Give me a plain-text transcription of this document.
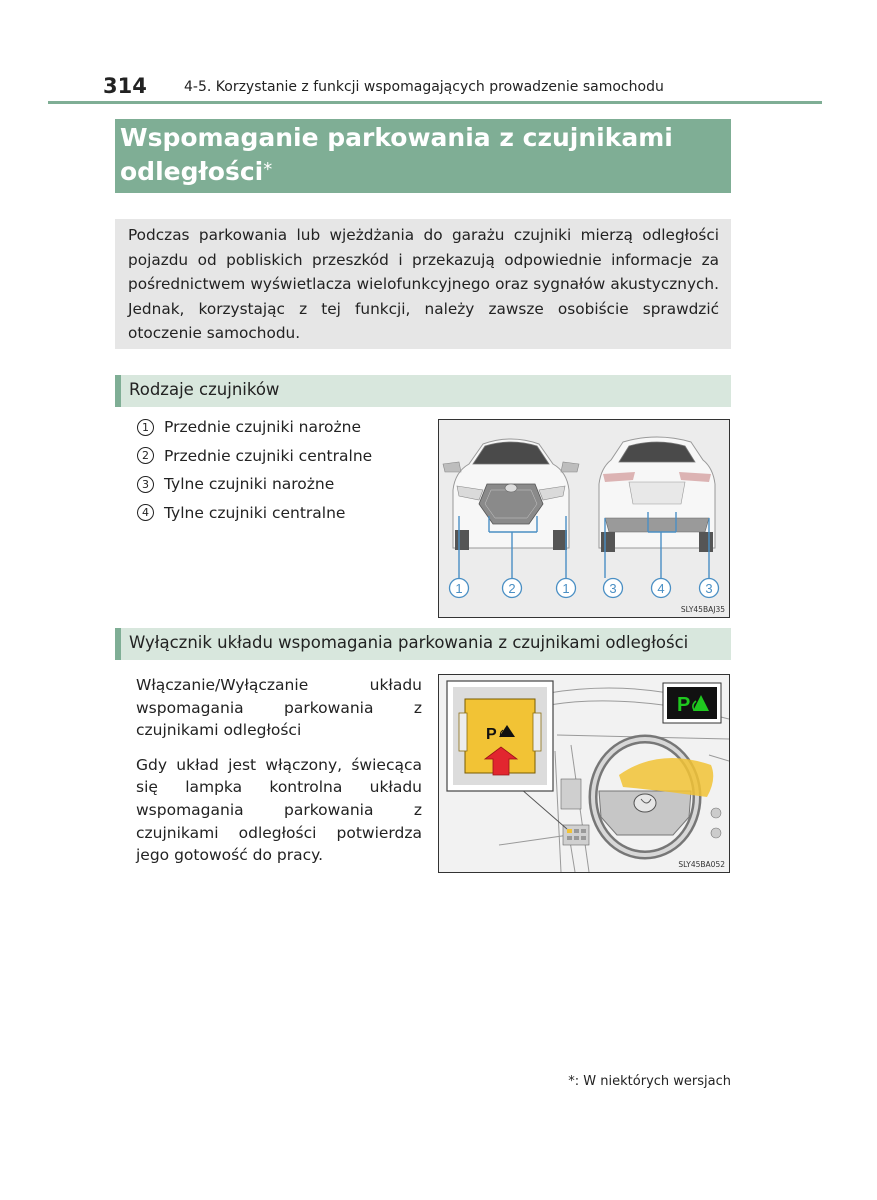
314	4-5. Korzystanie z funkcji wspomagających prowadzenie samochodu
Wspomaganie parkowania z czujnikami
odległości*

Podczas parkowania lub wjeżdżania do garażu czujniki mierzą odległości pojazdu od pobliskich przeszkód i przekazują odpowiednie informacje za pośrednictwem wyświetlacza wielofunkcyjnego oraz sygnałów akustycznych. Jednak, korzystając z tej funkcji, należy zawsze osobiście sprawdzić otoczenie samochodu.

Rodzaje czujników
1 Przednie czujniki narożne
2 Przednie czujniki centralne
3 Tylne czujniki narożne
4 Tylne czujniki centralne
1	2	1	3	4	3
SLY45BAJ35
Wyłącznik układu wspomagania parkowania z czujnikami odległości

Włączanie/Wyłączanie układu wspomagania parkowania z czujnikami odległości

Gdy układ jest włączony, świecąca się lampka kontrolna układu wspomagania parkowania z czujnikami odległości potwierdza jego gotowość do pracy.

P
P
SLY45BA052
*: W niektórych wersjach
